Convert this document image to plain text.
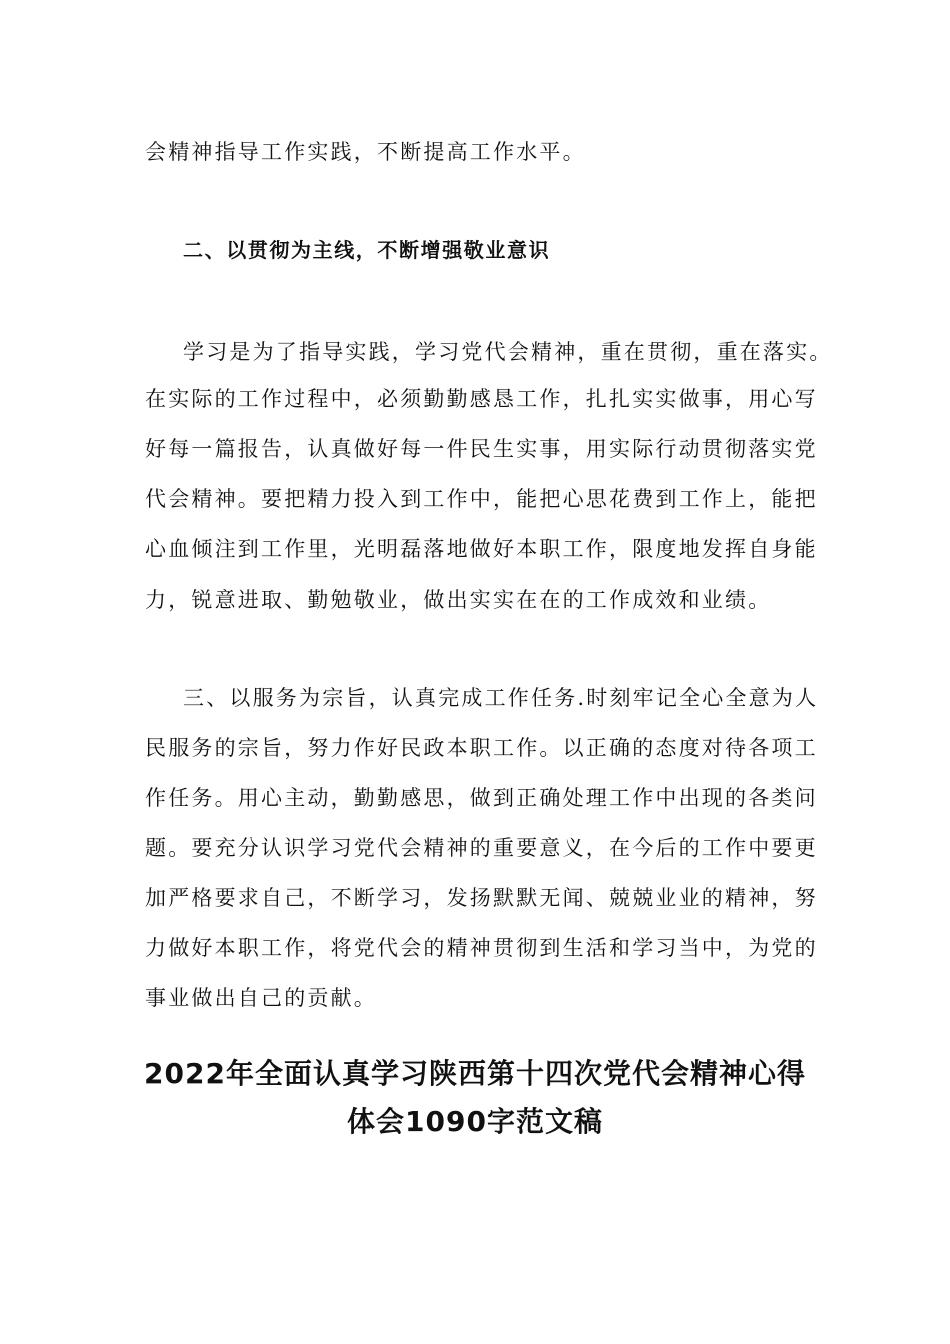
会精神指导工作实践，不断提高工作水平。
二、以贯彻为主线，不断增强敬业意识
学习是为了指导实践，学习党代会精神，重在贯彻，重在落实。
在实际的工作过程中，必须勤勤感恳工作，扎扎实实做事，用心写
好每一篇报告，认真做好每一件民生实事，用实际行动贯彻落实党
代会精神。要把精力投入到工作中，能把心思花费到工作上，能把
心血倾注到工作里，光明磊落地做好本职工作，限度地发挥自身能
力，锐意进取、勤勉敬业，做出实实在在的工作成效和业绩。
三、以服务为宗旨，认真完成工作任务.时刻牢记全心全意为人
民服务的宗旨，努力作好民政本职工作。以正确的态度对待各项工
作任务。用心主动，勤勤感思，做到正确处理工作中出现的各类问
题。要充分认识学习党代会精神的重要意义，在今后的工作中要更
加严格要求自己，不断学习，发扬默默无闻、兢兢业业的精神，努
力做好本职工作，将党代会的精神贯彻到生活和学习当中，为党的
事业做出自己的贡献。
2022年全面认真学习陕西第十四次党代会精神心得
体会1090字范文稿
